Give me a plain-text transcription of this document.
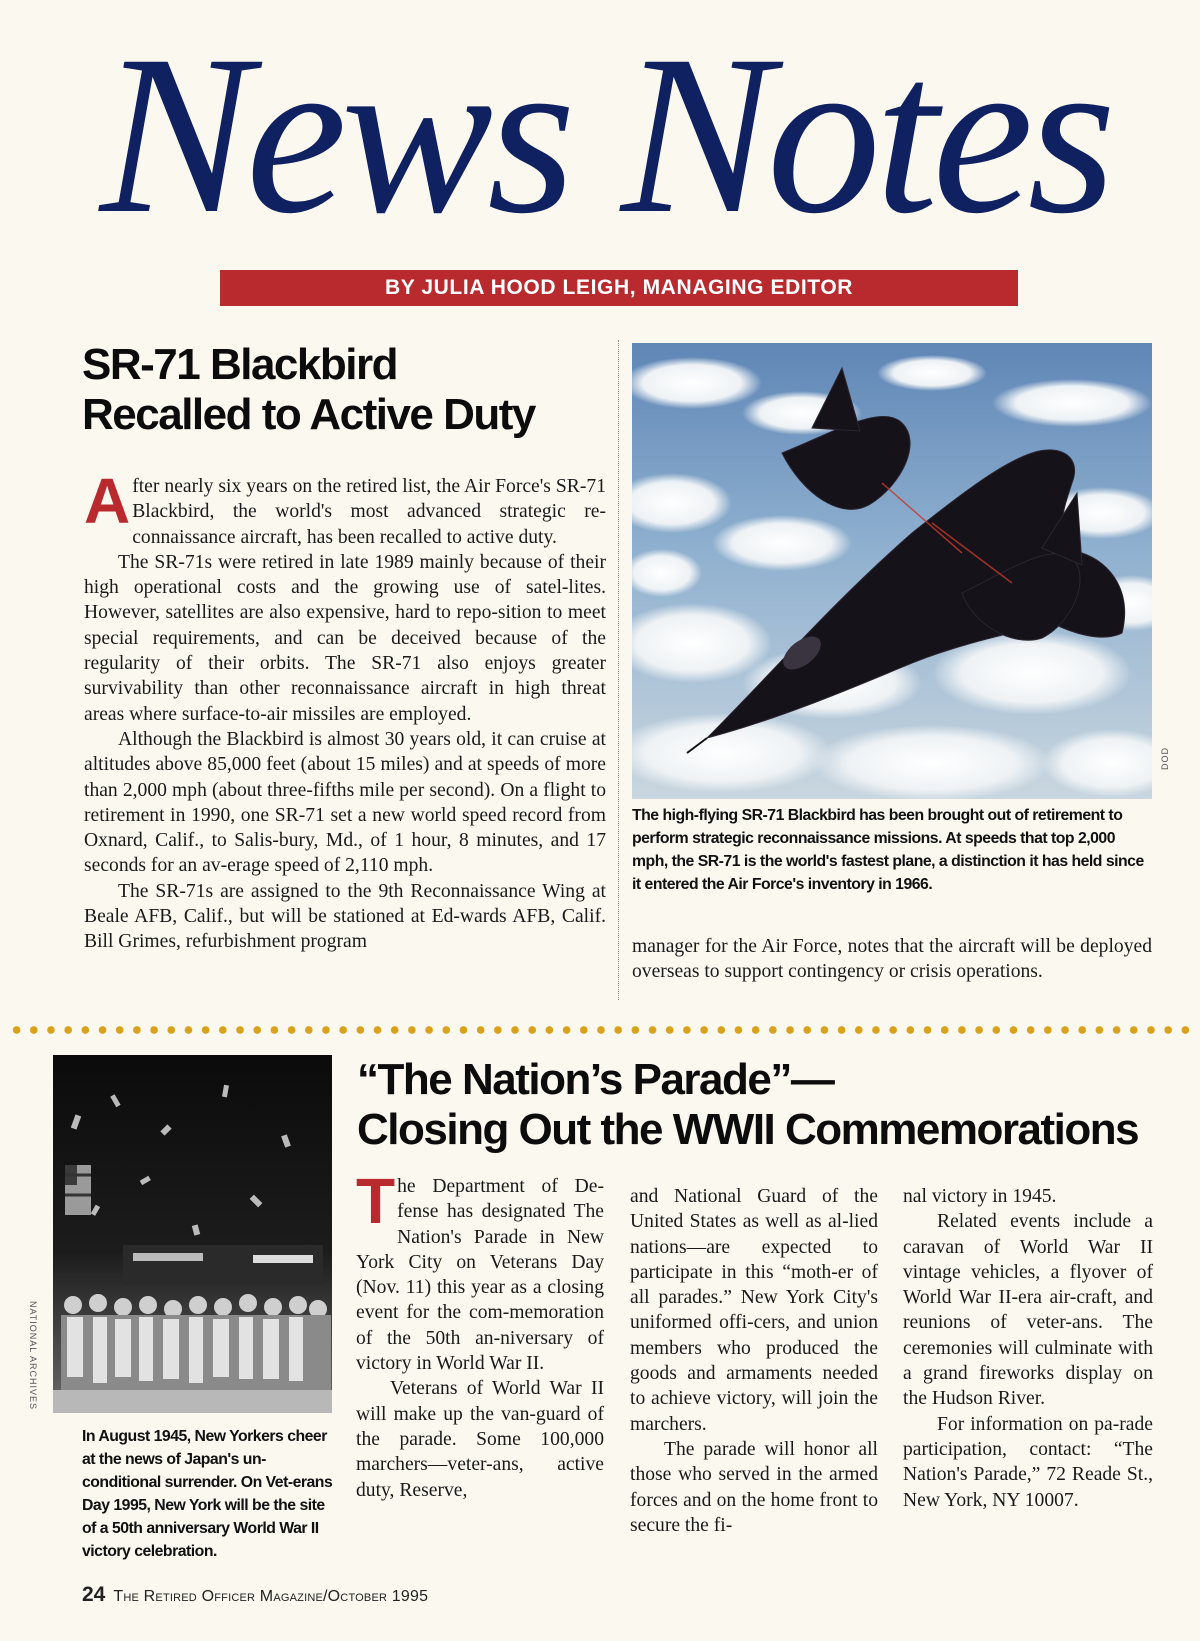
News Notes
BY JULIA HOOD LEIGH, MANAGING EDITOR
SR-71 Blackbird
Recalled to Active Duty

After nearly six years on the retired list, the Air Force's SR-71 Blackbird, the world's most advanced strategic re-connaissance aircraft, has been recalled to active duty.

The SR-71s were retired in late 1989 mainly because of their high operational costs and the growing use of satel-lites. However, satellites are also expensive, hard to repo-sition to meet special requirements, and can be deceived because of the regularity of their orbits. The SR-71 also enjoys greater survivability than other reconnaissance aircraft in high threat areas where surface-to-air missiles are employed.

Although the Blackbird is almost 30 years old, it can cruise at altitudes above 85,000 feet (about 15 miles) and at speeds of more than 2,000 mph (about three-fifths mile per second). On a flight to retirement in 1990, one SR-71 set a new world speed record from Oxnard, Calif., to Salis-bury, Md., of 1 hour, 8 minutes, and 17 seconds for an av-erage speed of 2,110 mph.

The SR-71s are assigned to the 9th Reconnaissance Wing at Beale AFB, Calif., but will be stationed at Ed-wards AFB, Calif. Bill Grimes, refurbishment program

DOD
The high-flying SR-71 Blackbird has been brought out of retirement to perform strategic reconnaissance missions. At speeds that top 2,000 mph, the SR-71 is the world's fastest plane, a distinction it has held since it entered the Air Force's inventory in 1966.

manager for the Air Force, notes that the aircraft will be deployed overseas to support contingency or crisis operations.

NATIONAL ARCHIVES
In August 1945, New Yorkers cheer at the news of Japan's un-conditional surrender. On Vet-erans Day 1995, New York will be the site of a 50th anniversary World War II victory celebration.
“The Nation’s Parade”—
Closing Out the WWII Commemorations

The Department of De-fense has designated The Nation's Parade in New York City on Veterans Day (Nov. 11) this year as a closing event for the com-memoration of the 50th an-niversary of victory in World War II.

Veterans of World War II will make up the van-guard of the parade. Some 100,000 marchers—veter-ans, active duty, Reserve,

and National Guard of the United States as well as al-lied nations—are expected to participate in this “moth-er of all parades.” New York City's uniformed offi-cers, and union members who produced the goods and armaments needed to achieve victory, will join the marchers.

The parade will honor all those who served in the armed forces and on the home front to secure the fi-

nal victory in 1945.

Related events include a caravan of World War II vintage vehicles, a flyover of World War II-era air-craft, and reunions of veter-ans. The ceremonies will culminate with a grand fireworks display on the Hudson River.

For information on pa-rade participation, contact: “The Nation's Parade,” 72 Reade St., New York, NY 10007.

24 The Retired Officer Magazine/October 1995
